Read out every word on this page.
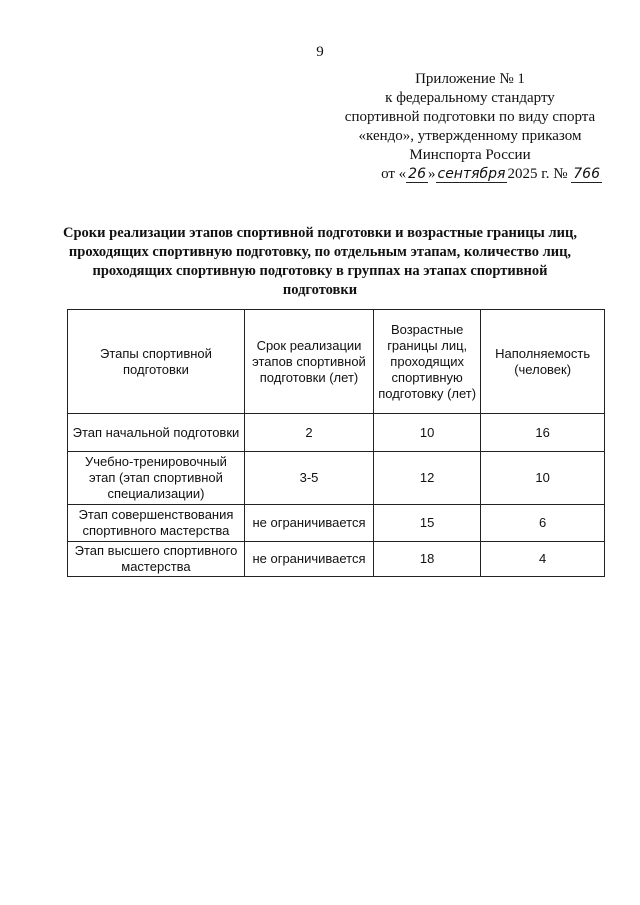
9
Приложение № 1
к федеральному стандарту
спортивной подготовки по виду спорта
«кендо», утвержденному приказом
Минспорта России
от « 26 » сентября 2025 г. № 766
Сроки реализации этапов спортивной подготовки и возрастные границы лиц, проходящих спортивную подготовку, по отдельным этапам, количество лиц, проходящих спортивную подготовку в группах на этапах спортивной подготовки
Этапы спортивной подготовки	Срок реализации этапов спортивной подготовки (лет)	Возрастные границы лиц, проходящих спортивную подготовку (лет)	Наполняемость (человек)
Этап начальной подготовки	2	10	16
Учебно-тренировочный этап (этап спортивной специализации)	3-5	12	10
Этап совершенствования спортивного мастерства	не ограничивается	15	6
Этап высшего спортивного мастерства	не ограничивается	18	4
